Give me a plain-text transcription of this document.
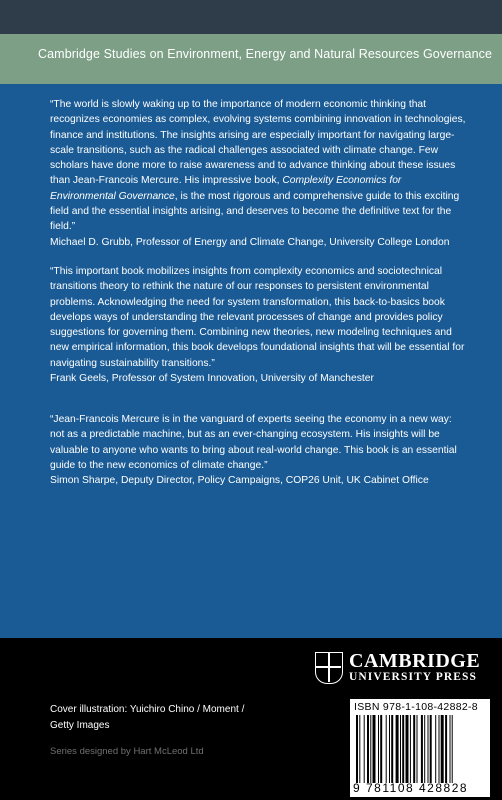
Cambridge Studies on Environment, Energy and Natural Resources Governance

“The world is slowly waking up to the importance of modern economic thinking that recognizes economies as complex, evolving systems combining innovation in technologies, finance and institutions. The insights arising are especially important for navigating large-scale transitions, such as the radical challenges associated with climate change. Few scholars have done more to raise awareness and to advance thinking about these issues than Jean-Francois Mercure. His impressive book, Complexity Economics for Environmental Governance, is the most rigorous and comprehensive guide to this exciting field and the essential insights arising, and deserves to become the definitive text for the field.”

Michael D. Grubb, Professor of Energy and Climate Change, University College London

“This important book mobilizes insights from complexity economics and sociotechnical transitions theory to rethink the nature of our responses to persistent environmental problems. Acknowledging the need for system transformation, this back-to-basics book develops ways of understanding the relevant processes of change and provides policy suggestions for governing them. Combining new theories, new modeling techniques and new empirical information, this book develops foundational insights that will be essential for navigating sustainability transitions.”

Frank Geels, Professor of System Innovation, University of Manchester

“Jean-Francois Mercure is in the vanguard of experts seeing the economy in a new way: not as a predictable machine, but as an ever-changing ecosystem. His insights will be valuable to anyone who wants to bring about real-world change. This book is an essential guide to the new economics of climate change.”

Simon Sharpe, Deputy Director, Policy Campaigns, COP26 Unit, UK Cabinet Office

CAMBRIDGE
UNIVERSITY PRESS
Cover illustration: Yuichiro Chino / Moment / Getty Images
Series designed by Hart McLeod Ltd
ISBN 978-1-108-42882-8
9 781108 428828
